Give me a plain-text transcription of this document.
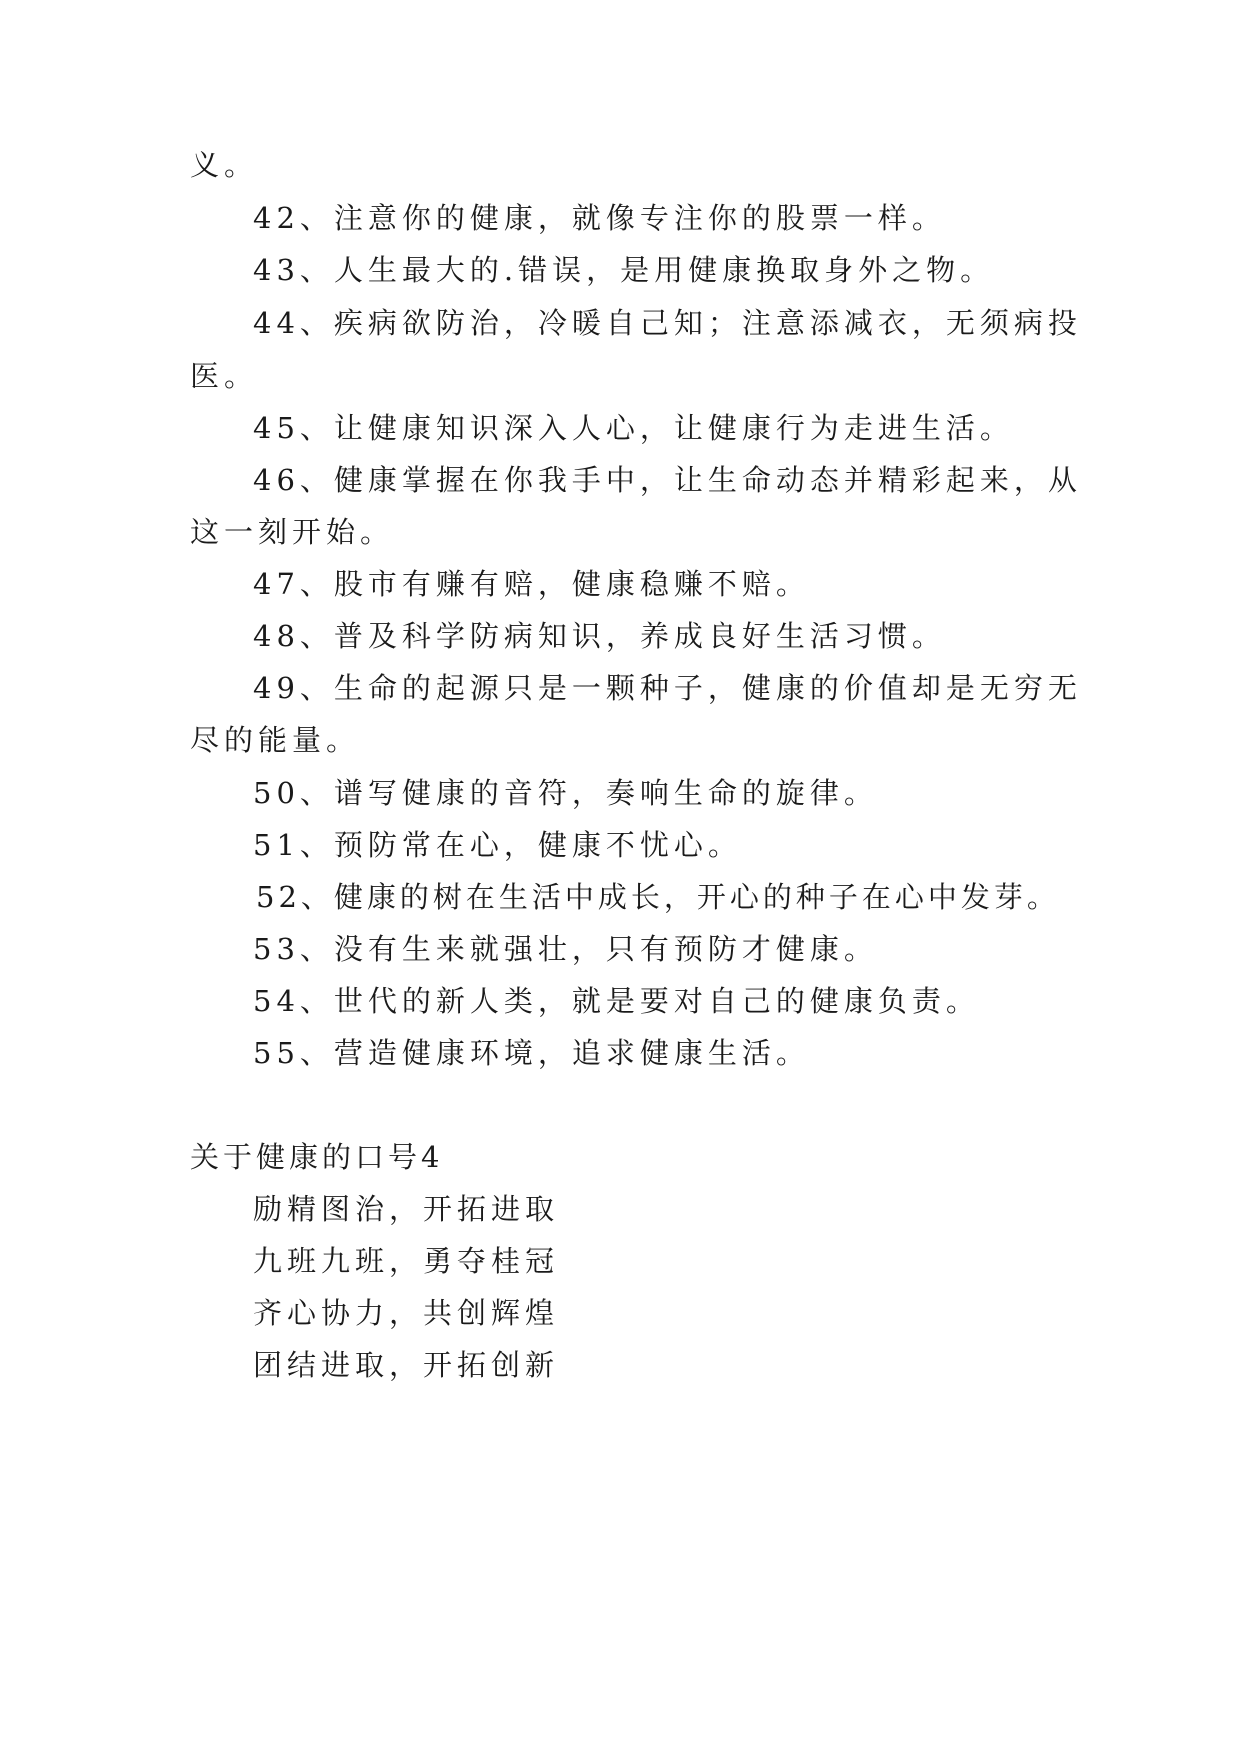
义。
42、注意你的健康，就像专注你的股票一样。
43、人生最大的.错误，是用健康换取身外之物。
44、疾病欲防治，冷暖自己知；注意添减衣，无须病投
医。
45、让健康知识深入人心，让健康行为走进生活。
46、健康掌握在你我手中，让生命动态并精彩起来，从
这一刻开始。
47、股市有赚有赔，健康稳赚不赔。
48、普及科学防病知识，养成良好生活习惯。
49、生命的起源只是一颗种子，健康的价值却是无穷无
尽的能量。
50、谱写健康的音符，奏响生命的旋律。
51、预防常在心，健康不忧心。
52、健康的树在生活中成长，开心的种子在心中发芽。
53、没有生来就强壮，只有预防才健康。
54、世代的新人类，就是要对自己的健康负责。
55、营造健康环境，追求健康生活。
关于健康的口号4
励精图治，开拓进取
九班九班，勇夺桂冠
齐心协力，共创辉煌
团结进取，开拓创新
